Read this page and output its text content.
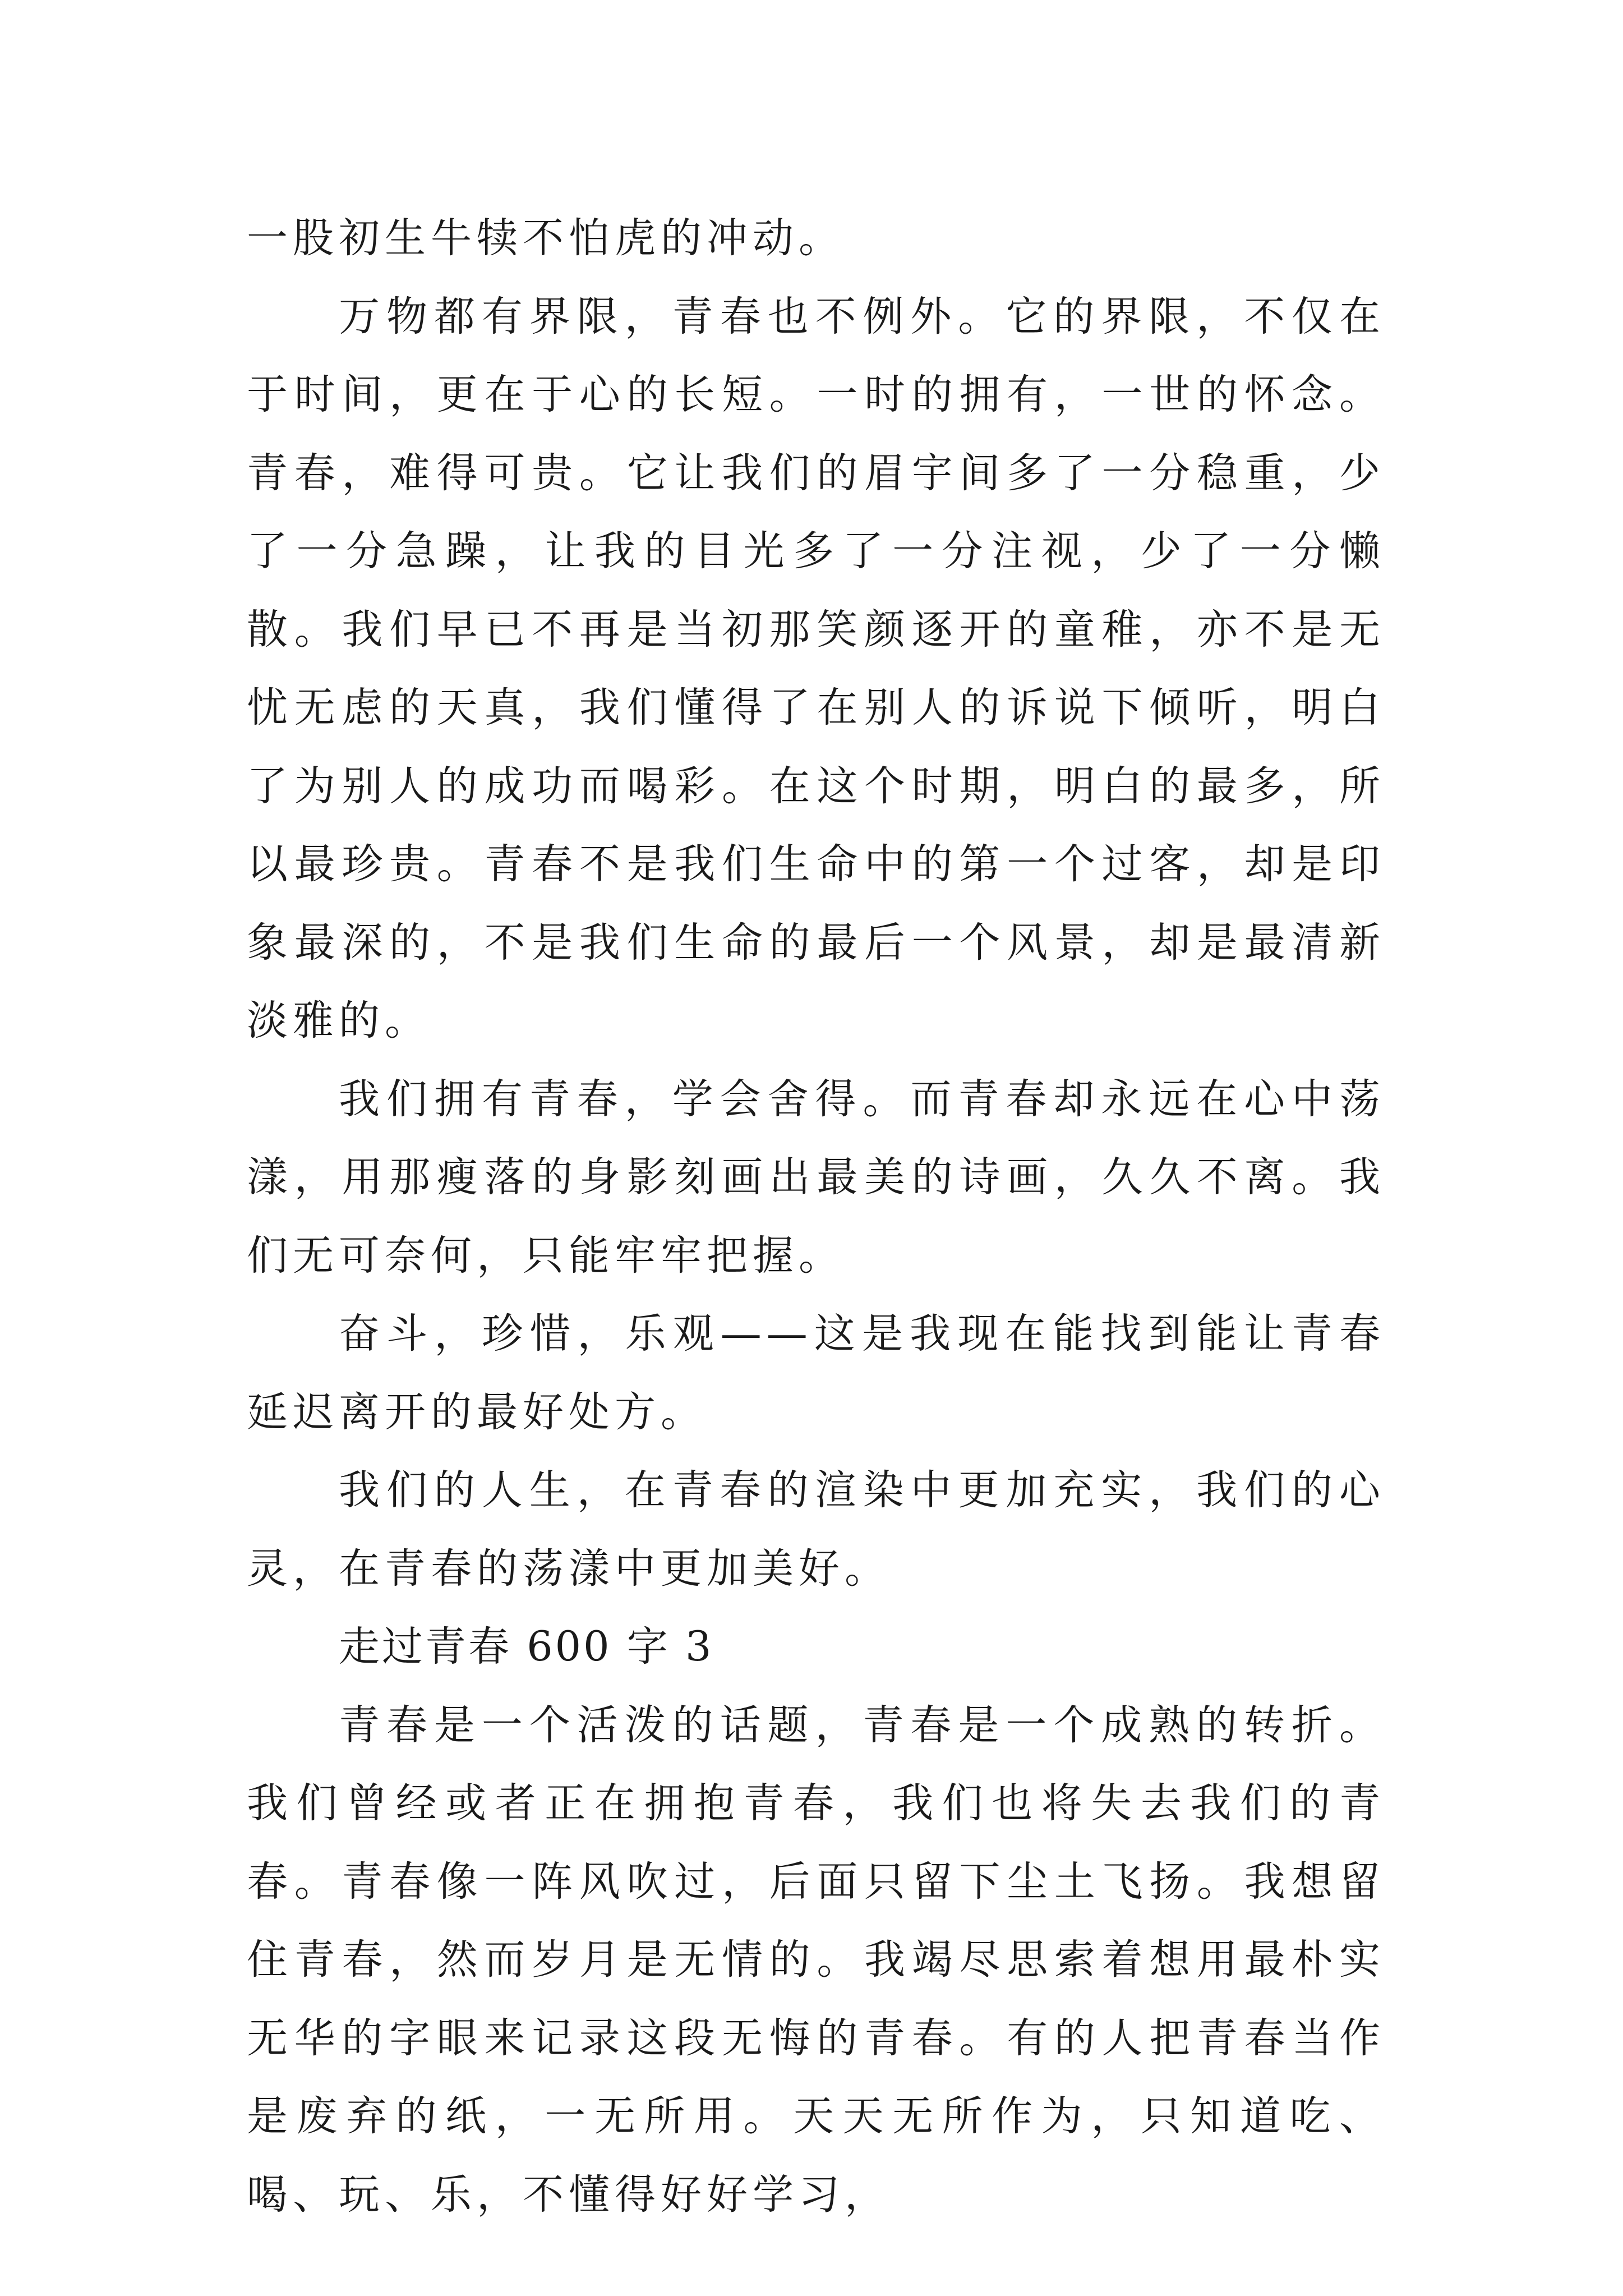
一股初生牛犊不怕虎的冲动。

万物都有界限，青春也不例外。它的界限，不仅在于时间，更在于心的长短。一时的拥有，一世的怀念。青春，难得可贵。它让我们的眉宇间多了一分稳重，少了一分急躁，让我的目光多了一分注视，少了一分懒散。我们早已不再是当初那笑颜逐开的童稚，亦不是无忧无虑的天真，我们懂得了在别人的诉说下倾听，明白了为别人的成功而喝彩。在这个时期，明白的最多，所以最珍贵。青春不是我们生命中的第一个过客，却是印象最深的，不是我们生命的最后一个风景，却是最清新淡雅的。

我们拥有青春，学会舍得。而青春却永远在心中荡漾，用那瘦落的身影刻画出最美的诗画，久久不离。我们无可奈何，只能牢牢把握。

奋斗，珍惜，乐观——这是我现在能找到能让青春延迟离开的最好处方。

我们的人生，在青春的渲染中更加充实，我们的心灵，在青春的荡漾中更加美好。

走过青春 600 字 3

青春是一个活泼的话题，青春是一个成熟的转折。我们曾经或者正在拥抱青春，我们也将失去我们的青春。青春像一阵风吹过，后面只留下尘土飞扬。我想留住青春，然而岁月是无情的。我竭尽思索着想用最朴实无华的字眼来记录这段无悔的青春。有的人把青春当作是废弃的纸，一无所用。天天无所作为，只知道吃、喝、玩、乐，不懂得好好学习，
